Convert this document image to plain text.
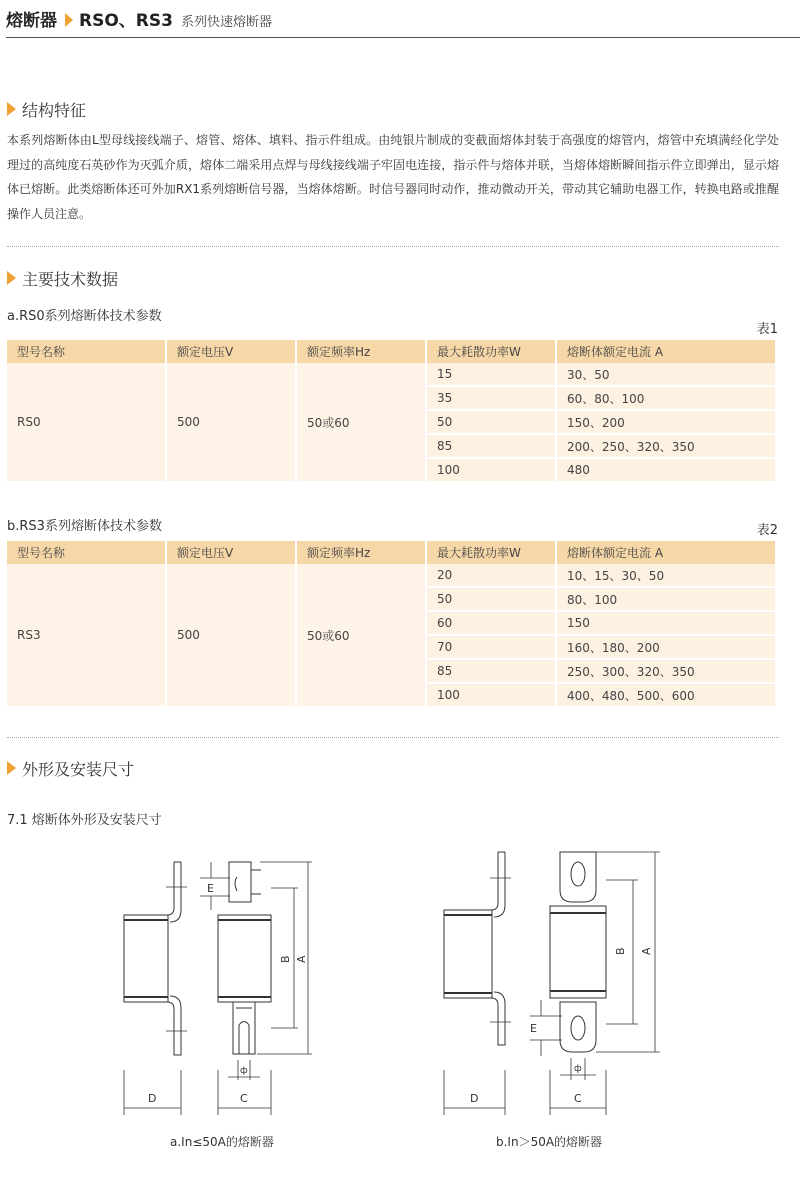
熔断器 RSO、RS3 系列快速熔断器
结构特征
本系列熔断体由L型母线接线端子、熔管、熔体、填料、指示件组成。由纯银片制成的变截面熔体封装于高强度的熔管内，熔管中充填满经化学处理过的高纯度石英砂作为灭弧介质，熔体二端采用点焊与母线接线端子牢固电连接，指示件与熔体并联，当熔体熔断瞬间指示件立即弹出，显示熔体已熔断。此类熔断体还可外加RX1系列熔断信号器，当熔体熔断。时信号器同时动作，推动微动开关，带动其它辅助电器工作，转换电路或推醒操作人员注意。
主要技术数据
a.RS0系列熔断体技术参数
表1
型号名称	额定电压V	额定频率Hz	最大耗散功率W	熔断体额定电流 A
RS0	500	50或60	15	30、50
			35	60、80、100
			50	150、200
			85	200、250、320、350
			100	480
b.RS3系列熔断体技术参数	表2
型号名称	额定电压V	额定频率Hz	最大耗散功率W	熔断体额定电流 A
RS3	500	50或60	20	10、15、30、50
			50	80、100
			60	150
			70	160、180、200
			85	250、300、320、350
			100	400、480、500、600
外形及安装尺寸
7.1 熔断体外形及安装尺寸
E
B A
ф
D	C
E
B A
ф
D	C
a.In≤50A的熔断器	b.In＞50A的熔断器
